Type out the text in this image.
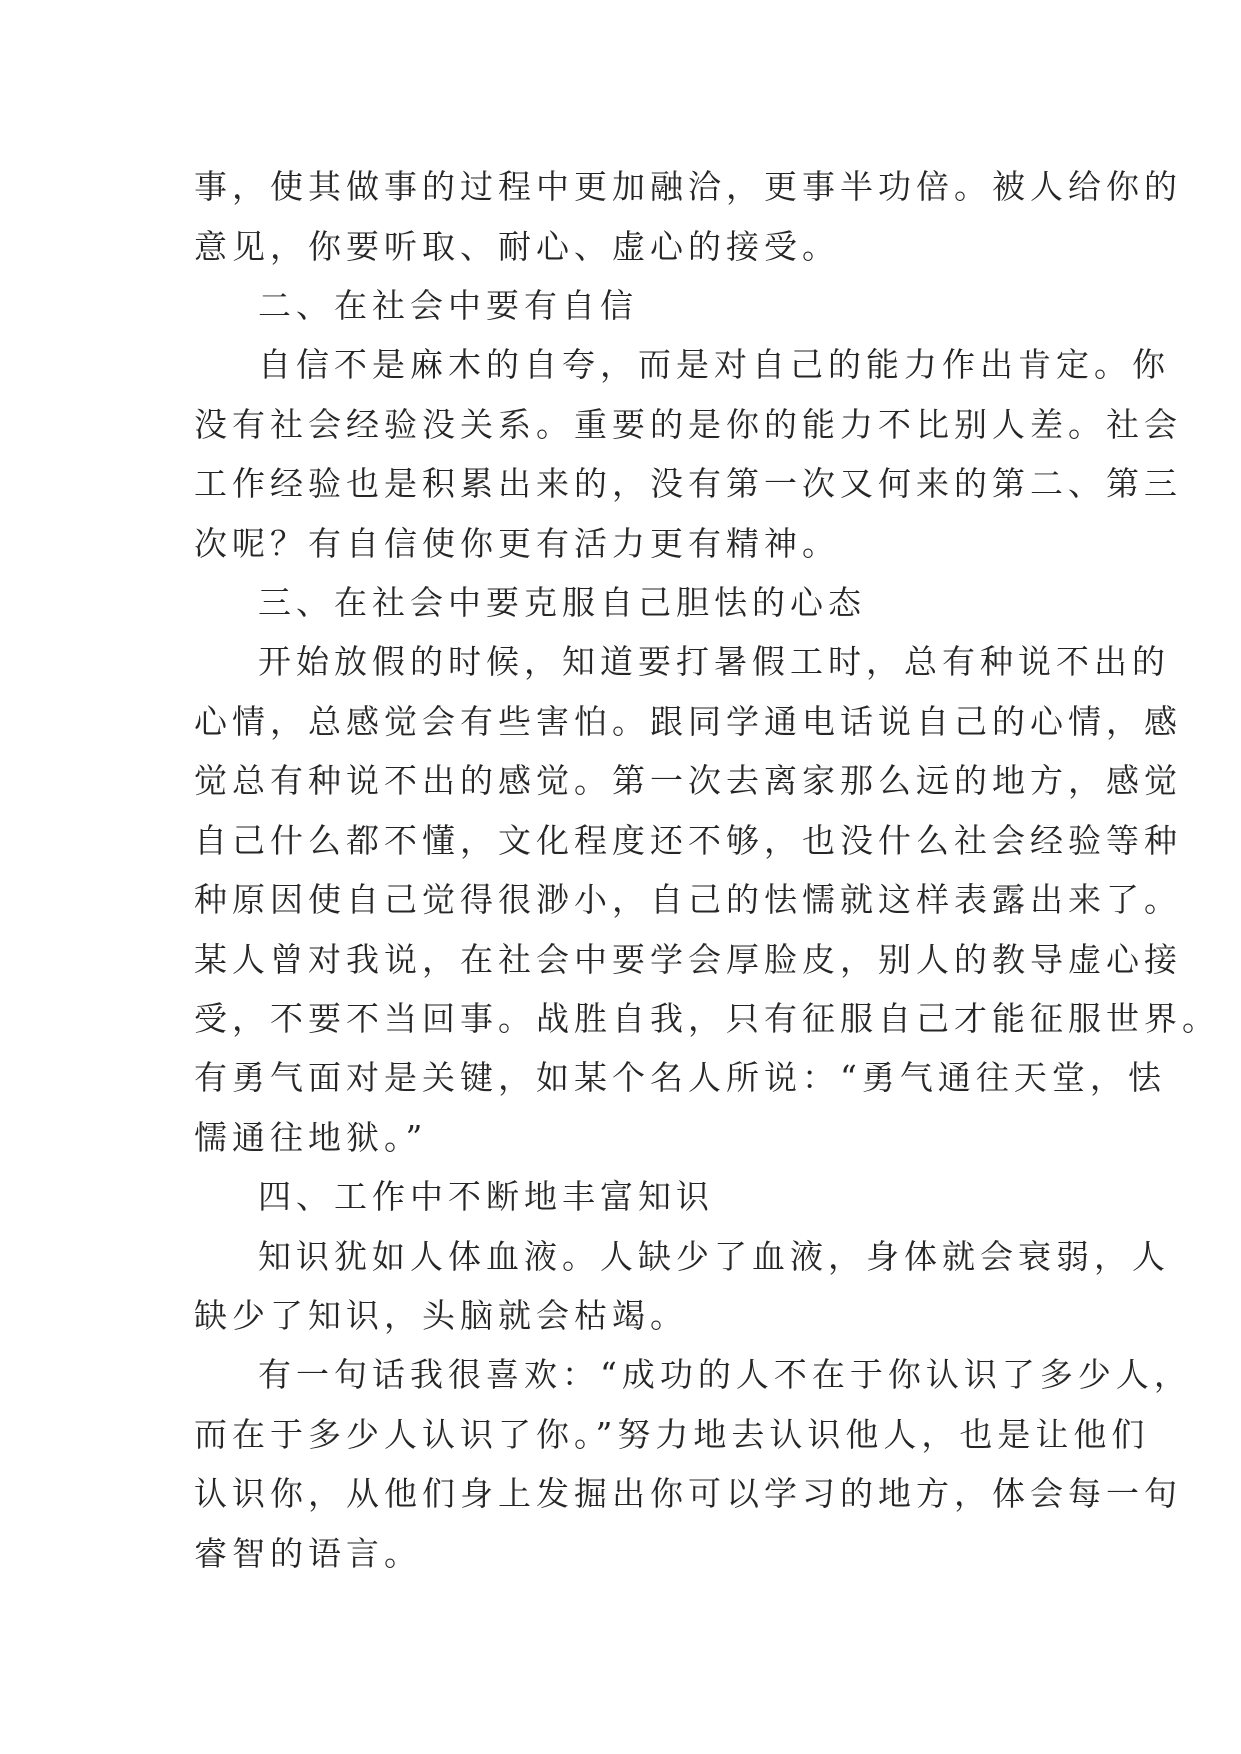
事，使其做事的过程中更加融洽，更事半功倍。被人给你的
意见，你要听取、耐心、虚心的接受。
二、在社会中要有自信
自信不是麻木的自夸，而是对自己的能力作出肯定。你
没有社会经验没关系。重要的是你的能力不比别人差。社会
工作经验也是积累出来的，没有第一次又何来的第二、第三
次呢？有自信使你更有活力更有精神。
三、在社会中要克服自己胆怯的心态
开始放假的时候，知道要打暑假工时，总有种说不出的
心情，总感觉会有些害怕。跟同学通电话说自己的心情，感
觉总有种说不出的感觉。第一次去离家那么远的地方，感觉
自己什么都不懂，文化程度还不够，也没什么社会经验等种
种原因使自己觉得很渺小，自己的怯懦就这样表露出来了。
某人曾对我说，在社会中要学会厚脸皮，别人的教导虚心接
受，不要不当回事。战胜自我，只有征服自己才能征服世界。
有勇气面对是关键，如某个名人所说：“勇气通往天堂，怯
懦通往地狱。”
四、工作中不断地丰富知识
知识犹如人体血液。人缺少了血液，身体就会衰弱，人
缺少了知识，头脑就会枯竭。
有一句话我很喜欢：“成功的人不在于你认识了多少人，
而在于多少人认识了你。”努力地去认识他人，也是让他们
认识你，从他们身上发掘出你可以学习的地方，体会每一句
睿智的语言。
